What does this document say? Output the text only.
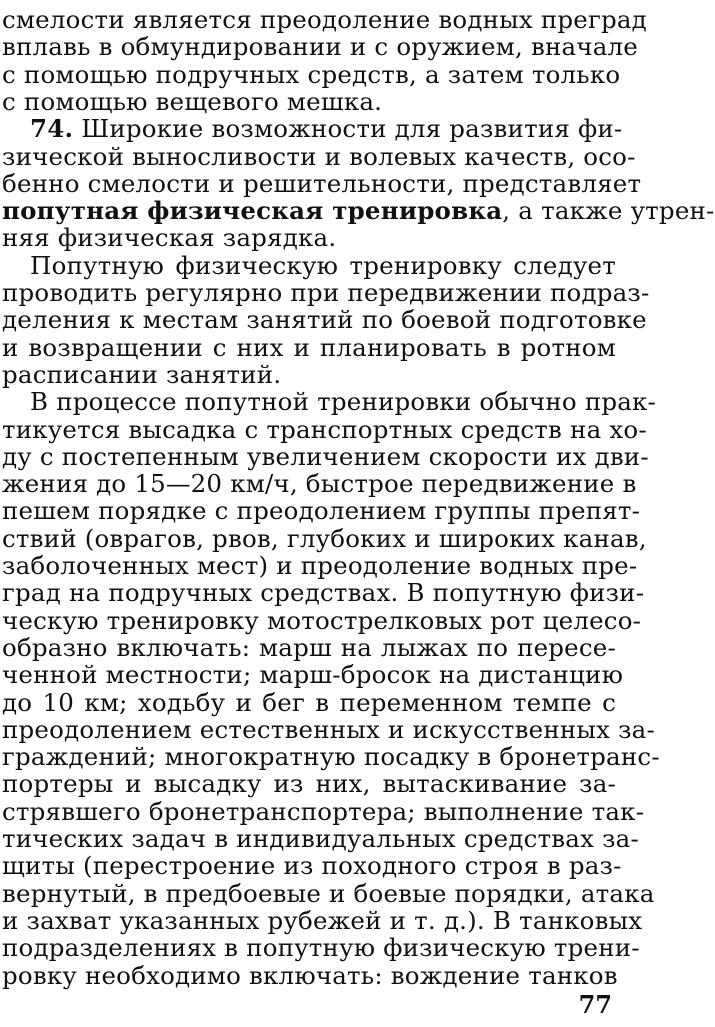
смелости является преодоление водных преград
вплавь в обмундировании и с оружием, вначале
с помощью подручных средств, а затем только
с помощью вещевого мешка.
74. Широкие возможности для развития фи-
зической выносливости и волевых качеств, осо-
бенно смелости и решительности, представляет
попутная физическая тренировка, а также утрен-
няя физическая зарядка.
Попутную физическую тренировку следует
проводить регулярно при передвижении подраз-
деления к местам занятий по боевой подготовке
и возвращении с них и планировать в ротном
расписании занятий.
В процессе попутной тренировки обычно прак-
тикуется высадка с транспортных средств на хо-
ду с постепенным увеличением скорости их дви-
жения до 15—20 км/ч, быстрое передвижение в
пешем порядке с преодолением группы препят-
ствий (оврагов, рвов, глубоких и широких канав,
заболоченных мест) и преодоление водных пре-
град на подручных средствах. В попутную физи-
ческую тренировку мотострелковых рот целесо-
образно включать: марш на лыжах по пересе-
ченной местности; марш-бросок на дистанцию
до 10 км; ходьбу и бег в переменном темпе с
преодолением естественных и искусственных за-
граждений; многократную посадку в бронетранс-
портеры и высадку из них, вытаскивание за-
стрявшего бронетранспортера; выполнение так-
тических задач в индивидуальных средствах за-
щиты (перестроение из походного строя в раз-
вернутый, в предбоевые и боевые порядки, атака
и захват указанных рубежей и т. д.). В танковых
подразделениях в попутную физическую трени-
ровку необходимо включать: вождение танков
77
